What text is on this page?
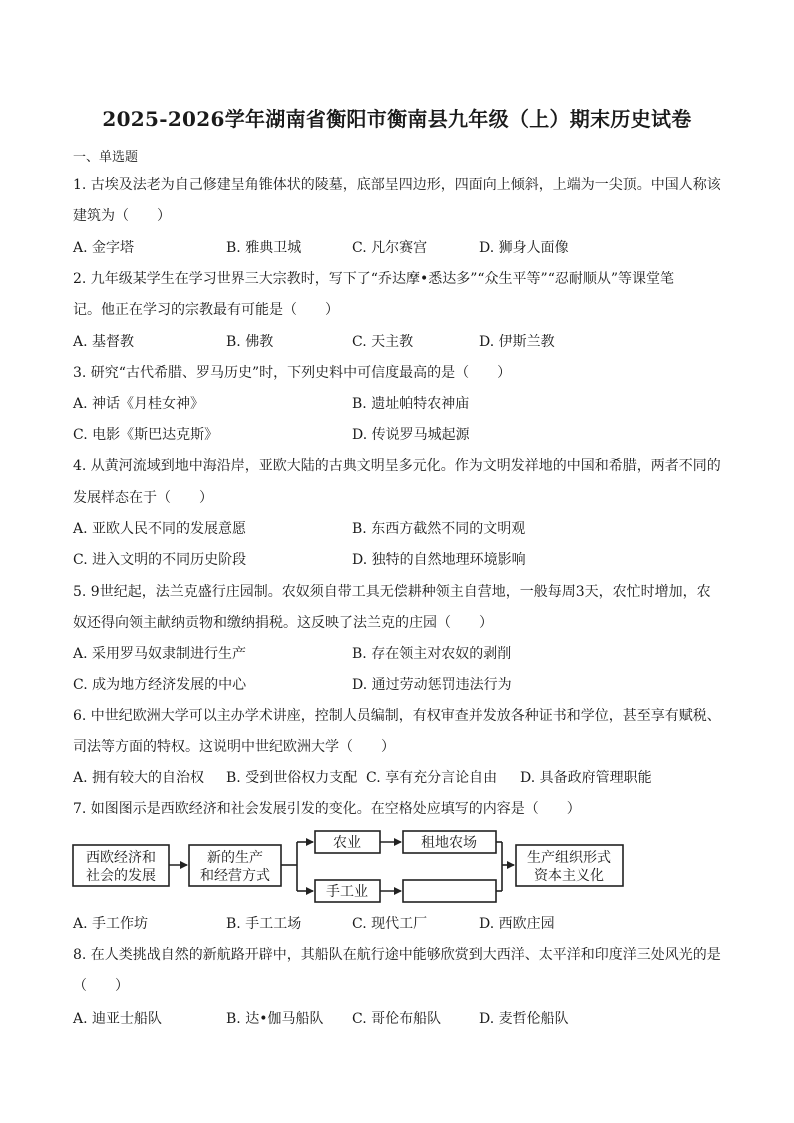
2025-2026学年湖南省衡阳市衡南县九年级（上）期末历史试卷
一、单选题
1. 古埃及法老为自己修建呈角锥体状的陵墓，底部呈四边形，四面向上倾斜，上端为一尖顶。中国人称该
建筑为（　　）
A. 金字塔	B. 雅典卫城	C. 凡尔赛宫	D. 狮身人面像
2. 九年级某学生在学习世界三大宗教时，写下了“乔达摩•悉达多”“众生平等”“忍耐顺从”等课堂笔
记。他正在学习的宗教最有可能是（　　）
A. 基督教	B. 佛教	C. 天主教	D. 伊斯兰教
3. 研究“古代希腊、罗马历史”时，下列史料中可信度最高的是（　　）
A. 神话《月桂女神》	B. 遗址帕特农神庙
C. 电影《斯巴达克斯》	D. 传说罗马城起源
4. 从黄河流域到地中海沿岸，亚欧大陆的古典文明呈多元化。作为文明发祥地的中国和希腊，两者不同的
发展样态在于（　　）
A. 亚欧人民不同的发展意愿	B. 东西方截然不同的文明观
C. 进入文明的不同历史阶段	D. 独特的自然地理环境影响
5. 9世纪起，法兰克盛行庄园制。农奴须自带工具无偿耕种领主自营地，一般每周3天，农忙时增加，农
奴还得向领主献纳贡物和缴纳捐税。这反映了法兰克的庄园（　　）
A. 采用罗马奴隶制进行生产	B. 存在领主对农奴的剥削
C. 成为地方经济发展的中心	D. 通过劳动惩罚违法行为
6. 中世纪欧洲大学可以主办学术讲座，控制人员编制，有权审查并发放各种证书和学位，甚至享有赋税、
司法等方面的特权。这说明中世纪欧洲大学（　　）
A. 拥有较大的自治权 B. 受到世俗权力支配 C. 享有充分言论自由 D. 具备政府管理职能
7. 如图图示是西欧经济和社会发展引发的变化。在空格处应填写的内容是（　　）
西欧经济和
社会的发展
新的生产
和经营方式
农业	租地农场
手工业
生产组织形式
资本主义化
A. 手工作坊	B. 手工工场	C. 现代工厂	D. 西欧庄园
8. 在人类挑战自然的新航路开辟中，其船队在航行途中能够欣赏到大西洋、太平洋和印度洋三处风光的是
（　　）
A. 迪亚士船队	B. 达•伽马船队 C. 哥伦布船队	D. 麦哲伦船队
